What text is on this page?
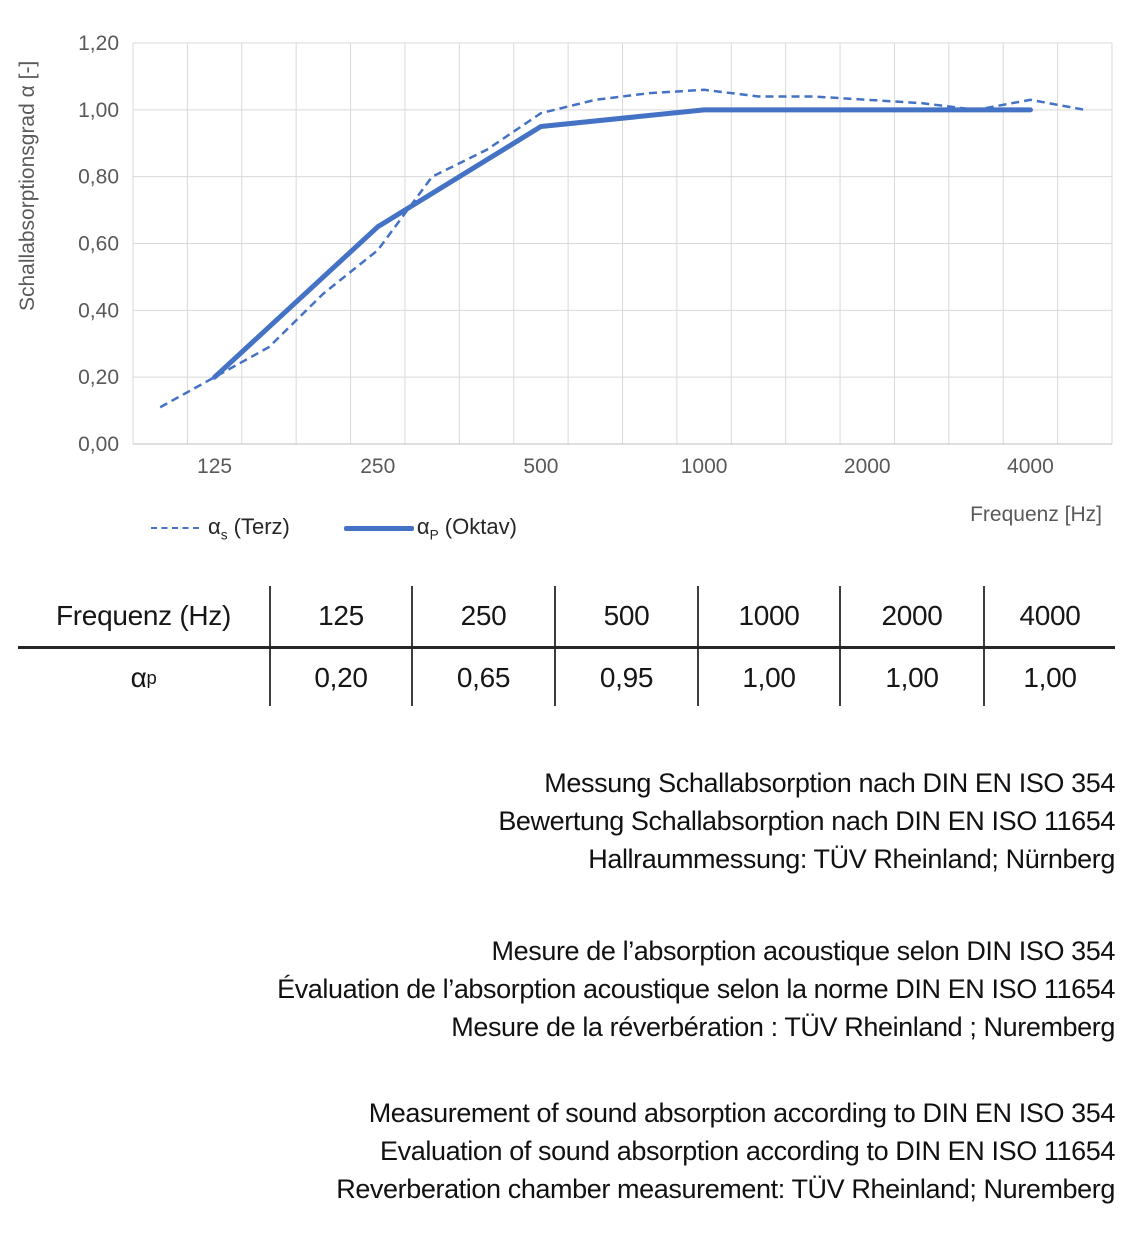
0,00
0,20
0,40
0,60
0,80
1,00
1,20
125	250	500	1000	2000	4000
Schallabsorptionsgrad α [-]
$\alpha_s$ (Terz)	$\alpha_P$ (Oktav)	Frequenz [Hz]
Frequenz (Hz)	125	250	500	1000	2000	4000
α p	0,20	0,65	0,95	1,00	1,00	1,00
Messung Schallabsorption nach DIN EN ISO 354
Bewertung Schallabsorption nach DIN EN ISO 11654
Hallraummessung: TÜV Rheinland; Nürnberg
Mesure de l’absorption acoustique selon DIN ISO 354
Évaluation de l’absorption acoustique selon la norme DIN EN ISO 11654
Mesure de la réverbération : TÜV Rheinland ; Nuremberg
Measurement of sound absorption according to DIN EN ISO 354
Evaluation of sound absorption according to DIN EN ISO 11654
Reverberation chamber measurement: TÜV Rheinland; Nuremberg
